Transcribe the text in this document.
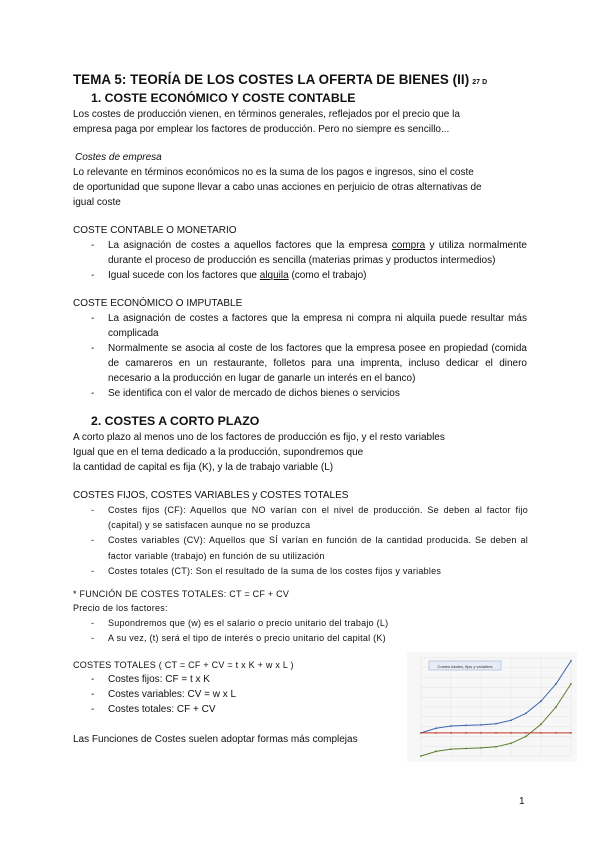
TEMA 5: TEORÍA DE LOS COSTES LA OFERTA DE BIENES (II) 27 D
1. COSTE ECONÓMICO Y COSTE CONTABLE
Los costes de producción vienen, en términos generales, reflejados por el precio que la
empresa paga por emplear los factores de producción. Pero no siempre es sencillo...
Costes de empresa
Lo relevante en términos económicos no es la suma de los pagos e ingresos, sino el coste
de oportunidad que supone llevar a cabo unas acciones en perjuicio de otras alternativas de
igual coste
COSTE CONTABLE O MONETARIO
- La asignación de costes a aquellos factores que la empresa compra y utiliza normalmente durante el proceso de producción es sencilla (materias primas y productos intermedios)
- Igual sucede con los factores que alquila (como el trabajo)
COSTE ECONÓMICO O IMPUTABLE
- La asignación de costes a factores que la empresa ni compra ni alquila puede resultar más complicada
- Normalmente se asocia al coste de los factores que la empresa posee en propiedad (comida de camareros en un restaurante, folletos para una imprenta, incluso dedicar el dinero necesario a la producción en lugar de ganarle un interés en el banco)
- Se identifica con el valor de mercado de dichos bienes o servicios
2. COSTES A CORTO PLAZO
A corto plazo al menos uno de los factores de producción es fijo, y el resto variables
Igual que en el tema dedicado a la producción, supondremos que
la cantidad de capital es fija (K), y la de trabajo variable (L)
COSTES FIJOS, COSTES VARIABLES y COSTES TOTALES
- Costes fijos (CF): Aquellos que NO varían con el nivel de producción. Se deben al factor fijo (capital) y se satisfacen aunque no se produzca
- Costes variables (CV): Aquellos que SÍ varían en función de la cantidad producida. Se deben al factor variable (trabajo) en función de su utilización
- Costes totales (CT): Son el resultado de la suma de los costes fijos y variables
* FUNCIÓN DE COSTES TOTALES: CT = CF + CV
Precio de los factores:
- Supondremos que (w) es el salario o precio unitario del trabajo (L)
- A su vez, (t) será el tipo de interés o precio unitario del capital (K)
COSTES TOTALES ( CT = CF + CV = t x K + w x L )
- Costes fijos: CF = t x K
- Costes variables: CV = w x L
- Costes totales: CF + CV
Las Funciones de Costes suelen adoptar formas más complejas
Costes totales, fijos y variables
1
